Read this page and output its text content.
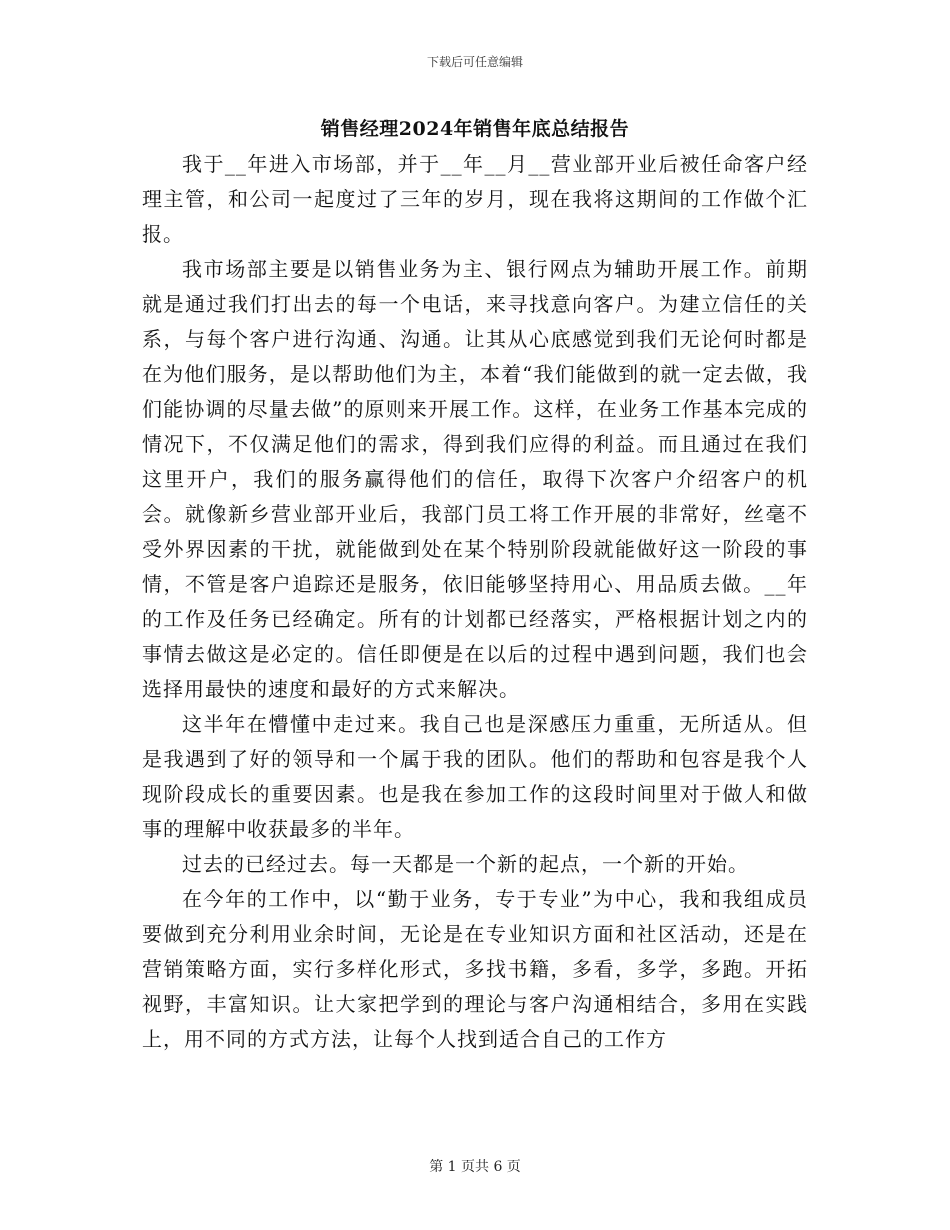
下载后可任意编辑
销售经理2024年销售年底总结报告

我于__年进入市场部，并于__年__月__营业部开业后被任命客户经理主管，和公司一起度过了三年的岁月，现在我将这期间的工作做个汇报。

我市场部主要是以销售业务为主、银行网点为辅助开展工作。前期就是通过我们打出去的每一个电话，来寻找意向客户。为建立信任的关系，与每个客户进行沟通、沟通。让其从心底感觉到我们无论何时都是在为他们服务，是以帮助他们为主，本着“我们能做到的就一定去做，我们能协调的尽量去做”的原则来开展工作。这样，在业务工作基本完成的情况下，不仅满足他们的需求，得到我们应得的利益。而且通过在我们这里开户，我们的服务赢得他们的信任，取得下次客户介绍客户的机会。就像新乡营业部开业后，我部门员工将工作开展的非常好，丝毫不受外界因素的干扰，就能做到处在某个特别阶段就能做好这一阶段的事情，不管是客户追踪还是服务，依旧能够坚持用心、用品质去做。__年的工作及任务已经确定。所有的计划都已经落实，严格根据计划之内的事情去做这是必定的。信任即便是在以后的过程中遇到问题，我们也会选择用最快的速度和最好的方式来解决。

这半年在懵懂中走过来。我自己也是深感压力重重，无所适从。但是我遇到了好的领导和一个属于我的团队。他们的帮助和包容是我个人现阶段成长的重要因素。也是我在参加工作的这段时间里对于做人和做事的理解中收获最多的半年。

过去的已经过去。每一天都是一个新的起点，一个新的开始。

在今年的工作中，以“勤于业务，专于专业”为中心，我和我组成员要做到充分利用业余时间，无论是在专业知识方面和社区活动，还是在营销策略方面，实行多样化形式，多找书籍，多看，多学，多跑。开拓视野，丰富知识。让大家把学到的理论与客户沟通相结合，多用在实践上，用不同的方式方法，让每个人找到适合自己的工作方

第 1 页共 6 页
